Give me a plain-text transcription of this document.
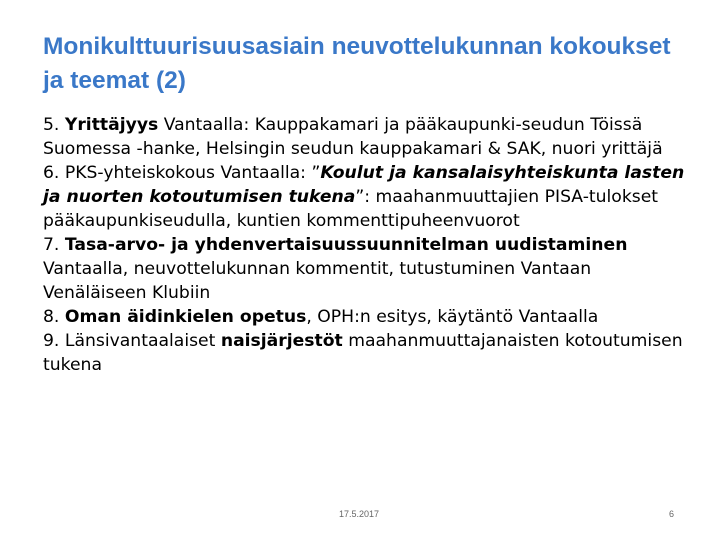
Monikulttuurisuusasiain neuvottelukunnan kokoukset ja teemat (2)

5. Yrittäjyys Vantaalla: Kauppakamari ja pääkaupunki-seudun Töissä Suomessa -hanke, Helsingin seudun kauppakamari & SAK, nuori yrittäjä

6. PKS-yhteiskokous Vantaalla: ”Koulut ja kansalaisyhteiskunta lasten ja nuorten kotoutumisen tukena”: maahanmuuttajien PISA-tulokset pääkaupunkiseudulla, kuntien kommenttipuheenvuorot

7. Tasa-arvo- ja yhdenvertaisuussuunnitelman uudistaminen Vantaalla, neuvottelukunnan kommentit, tutustuminen Vantaan Venäläiseen Klubiin

8. Oman äidinkielen opetus, OPH:n esitys, käytäntö Vantaalla

9. Länsivantaalaiset naisjärjestöt maahanmuuttajanaisten kotoutumisen tukena

17.5.2017	6
